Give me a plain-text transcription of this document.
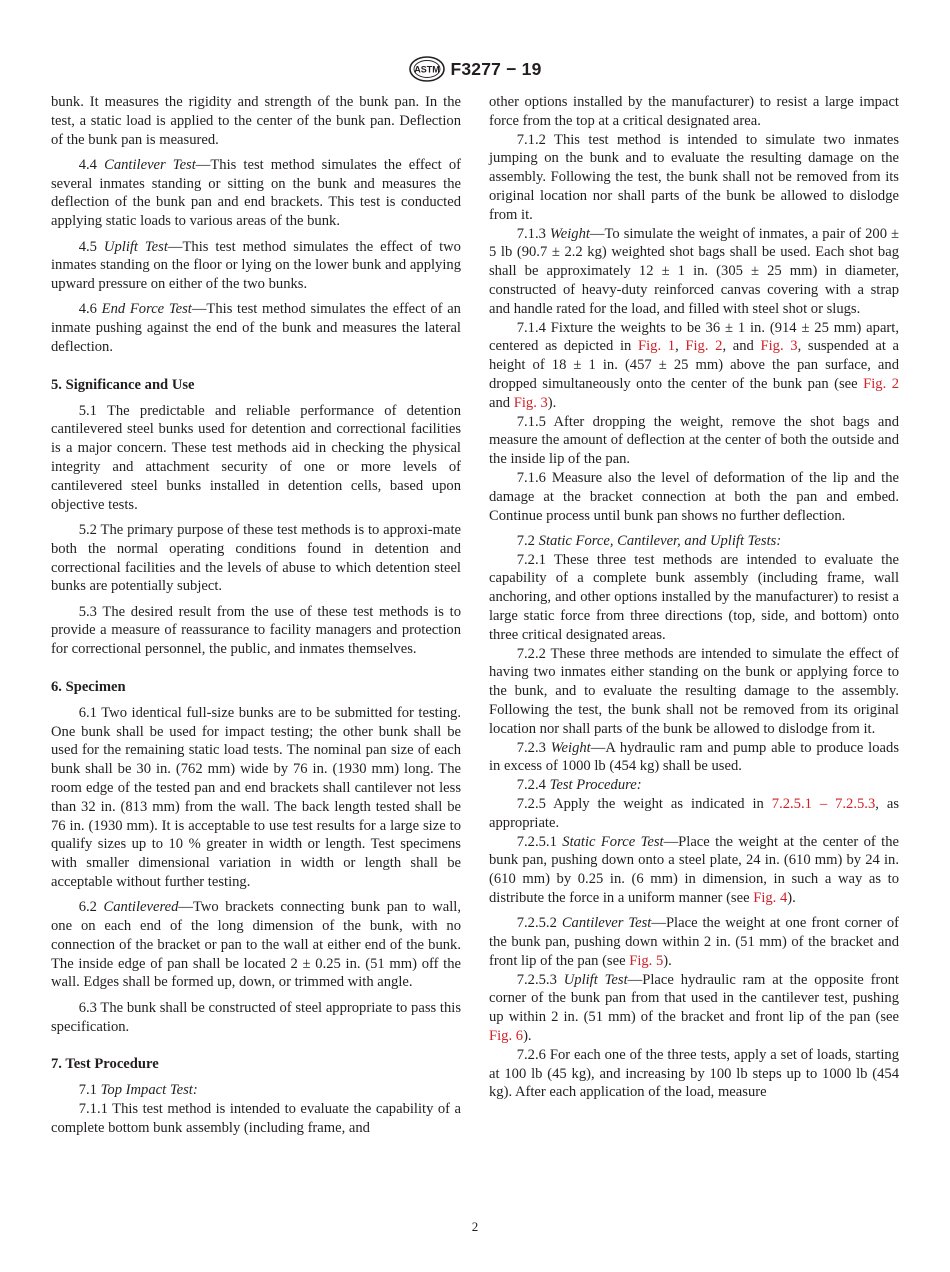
ASTM F3277 − 19

bunk. It measures the rigidity and strength of the bunk pan. In the test, a static load is applied to the center of the bunk pan. Deflection of the bunk pan is measured.

4.4 Cantilever Test—This test method simulates the effect of several inmates standing or sitting on the bunk and measures the deflection of the bunk pan and end brackets. This test is conducted applying static loads to various areas of the bunk.

4.5 Uplift Test—This test method simulates the effect of two inmates standing on the floor or lying on the lower bunk and applying upward pressure on either of the two bunks.

4.6 End Force Test—This test method simulates the effect of an inmate pushing against the end of the bunk and measures the lateral deflection.

5. Significance and Use

5.1 The predictable and reliable performance of detention cantilevered steel bunks used for detention and correctional facilities is a major concern. These test methods aid in checking the physical integrity and attachment security of one or more levels of cantilevered steel bunks installed in detention cells, based upon objective tests.

5.2 The primary purpose of these test methods is to approxi-mate both the normal operating conditions found in detention and correctional facilities and the levels of abuse to which detention steel bunks are potentially subject.

5.3 The desired result from the use of these test methods is to provide a measure of reassurance to facility managers and protection for correctional personnel, the public, and inmates themselves.

6. Specimen

6.1 Two identical full-size bunks are to be submitted for testing. One bunk shall be used for impact testing; the other bunk shall be used for the remaining static load tests. The nominal pan size of each bunk shall be 30 in. (762 mm) wide by 76 in. (1930 mm) long. The room edge of the tested pan and end brackets shall cantilever not less than 32 in. (813 mm) from the wall. The back length tested shall be 76 in. (1930 mm). It is acceptable to use test results for a large size to qualify sizes up to 10 % greater in width or length. Test specimens with smaller dimensional variation in width or length shall be acceptable without further testing.

6.2 Cantilevered—Two brackets connecting bunk pan to wall, one on each end of the long dimension of the bunk, with no connection of the bracket or pan to the wall at either end of the bunk. The inside edge of pan shall be located 2 ± 0.25 in. (51 mm) off the wall. Edges shall be formed up, down, or trimmed with angle.

6.3 The bunk shall be constructed of steel appropriate to pass this specification.

7. Test Procedure

7.1 Top Impact Test:

7.1.1 This test method is intended to evaluate the capability of a complete bottom bunk assembly (including frame, and

other options installed by the manufacturer) to resist a large impact force from the top at a critical designated area.

7.1.2 This test method is intended to simulate two inmates jumping on the bunk and to evaluate the resulting damage on the assembly. Following the test, the bunk shall not be removed from its original location nor shall parts of the bunk be allowed to dislodge from it.

7.1.3 Weight—To simulate the weight of inmates, a pair of 200 ± 5 lb (90.7 ± 2.2 kg) weighted shot bags shall be used. Each shot bag shall be approximately 12 ± 1 in. (305 ± 25 mm) in diameter, constructed of heavy-duty reinforced canvas covering with a strap and handle rated for the load, and filled with steel shot or slugs.

7.1.4 Fixture the weights to be 36 ± 1 in. (914 ± 25 mm) apart, centered as depicted in Fig. 1, Fig. 2, and Fig. 3, suspended at a height of 18 ± 1 in. (457 ± 25 mm) above the pan surface, and dropped simultaneously onto the center of the bunk pan (see Fig. 2 and Fig. 3).

7.1.5 After dropping the weight, remove the shot bags and measure the amount of deflection at the center of both the outside and the inside lip of the pan.

7.1.6 Measure also the level of deformation of the lip and the damage at the bracket connection at both the pan and embed. Continue process until bunk pan shows no further deflection.

7.2 Static Force, Cantilever, and Uplift Tests:

7.2.1 These three test methods are intended to evaluate the capability of a complete bunk assembly (including frame, wall anchoring, and other options installed by the manufacturer) to resist a large static force from three directions (top, side, and bottom) onto three critical designated areas.

7.2.2 These three methods are intended to simulate the effect of having two inmates either standing on the bunk or applying force to the bunk, and to evaluate the resulting damage to the assembly. Following the test, the bunk shall not be removed from its original location nor shall parts of the bunk be allowed to dislodge from it.

7.2.3 Weight—A hydraulic ram and pump able to produce loads in excess of 1000 lb (454 kg) shall be used.

7.2.4 Test Procedure:

7.2.5 Apply the weight as indicated in 7.2.5.1 – 7.2.5.3, as appropriate.

7.2.5.1 Static Force Test—Place the weight at the center of the bunk pan, pushing down onto a steel plate, 24 in. (610 mm) by 24 in. (610 mm) by 0.25 in. (6 mm) in dimension, in such a way as to distribute the force in a uniform manner (see Fig. 4).

7.2.5.2 Cantilever Test—Place the weight at one front corner of the bunk pan, pushing down within 2 in. (51 mm) of the bracket and front lip of the pan (see Fig. 5).

7.2.5.3 Uplift Test—Place hydraulic ram at the opposite front corner of the bunk pan from that used in the cantilever test, pushing up within 2 in. (51 mm) of the bracket and front lip of the pan (see Fig. 6).

7.2.6 For each one of the three tests, apply a set of loads, starting at 100 lb (45 kg), and increasing by 100 lb steps up to 1000 lb (454 kg). After each application of the load, measure

2
